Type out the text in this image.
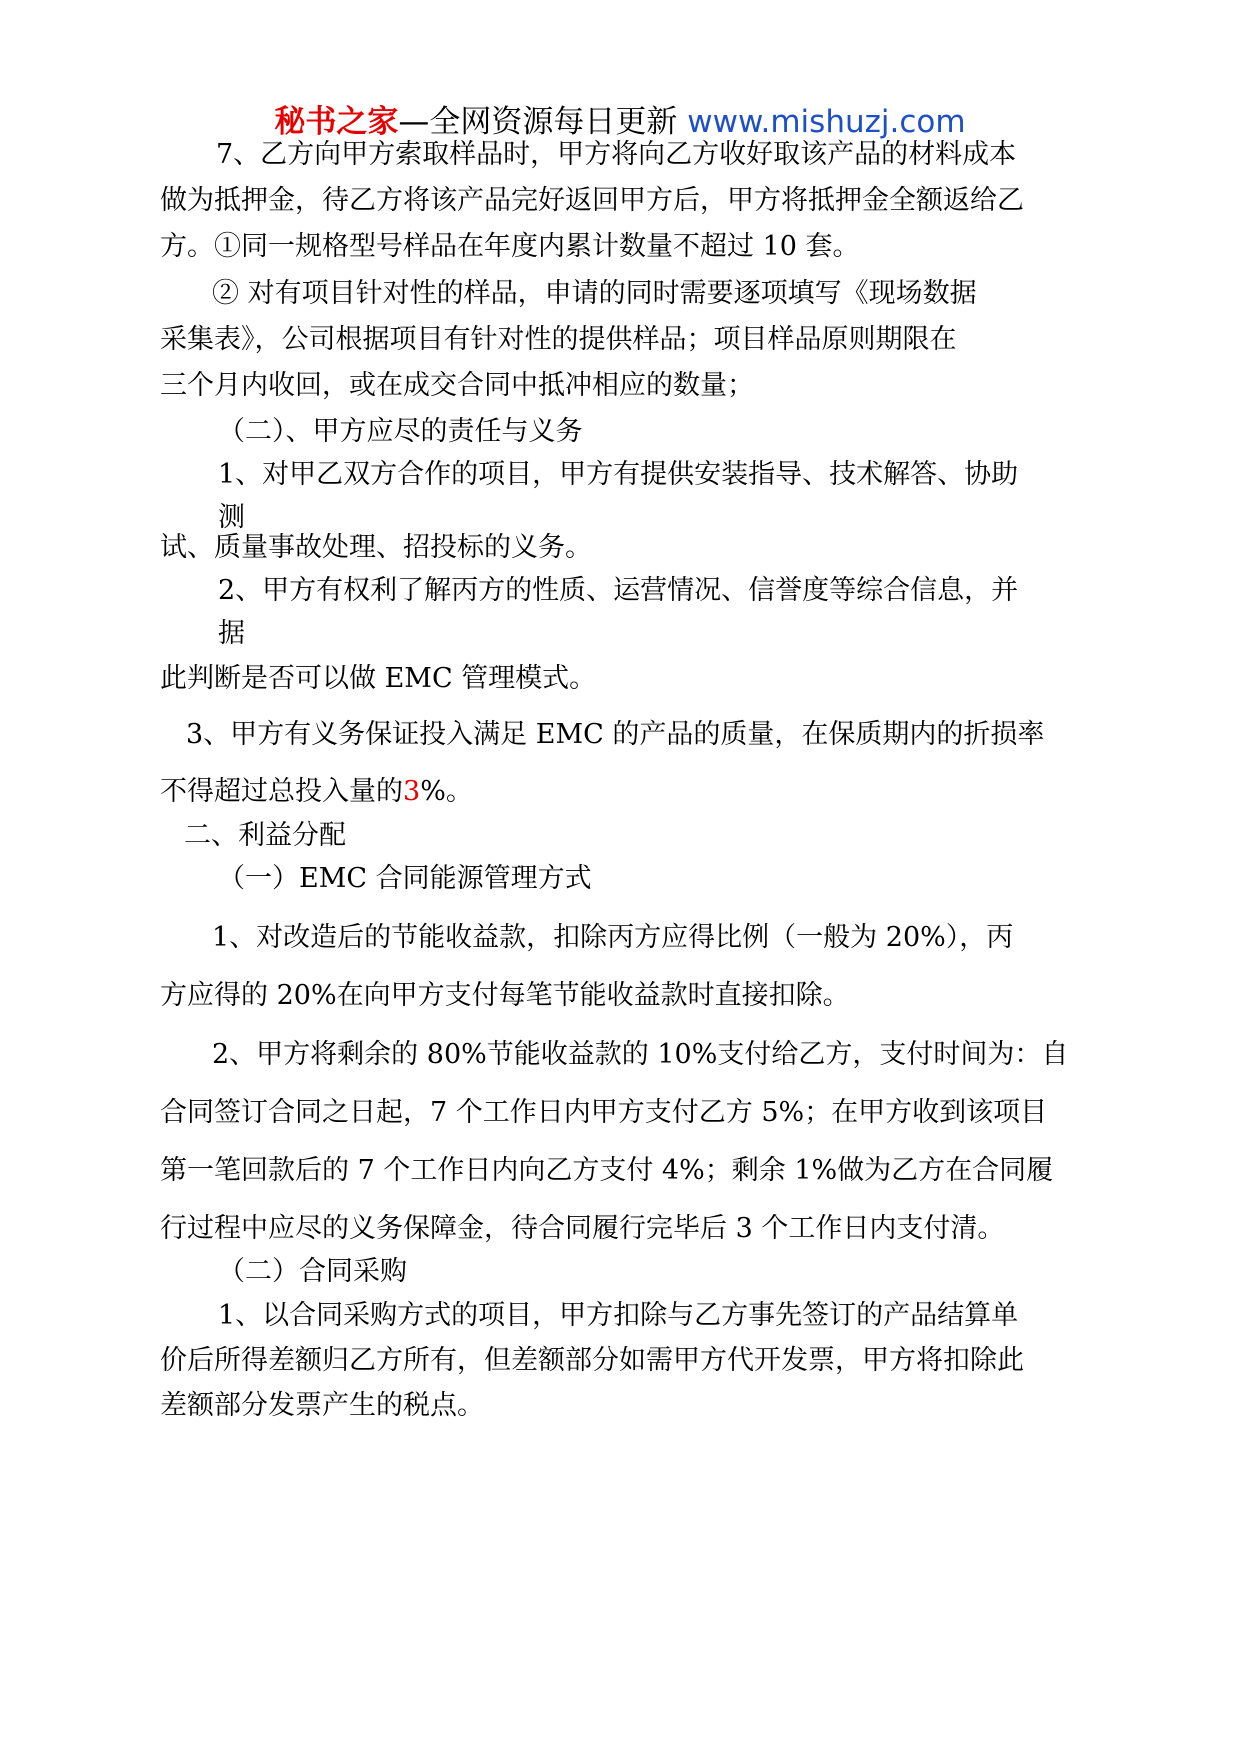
秘书之家—全网资源每日更新 www.mishuzj.com
7、乙方向甲方索取样品时，甲方将向乙方收好取该产品的材料成本
做为抵押金，待乙方将该产品完好返回甲方后，甲方将抵押金全额返给乙
方。①同一规格型号样品在年度内累计数量不超过 10 套。
② 对有项目针对性的样品，申请的同时需要逐项填写《现场数据
采集表》，公司根据项目有针对性的提供样品；项目样品原则期限在
三个月内收回，或在成交合同中抵冲相应的数量；
（二）、甲方应尽的责任与义务
1、对甲乙双方合作的项目，甲方有提供安装指导、技术解答、协助
测
试、质量事故处理、招投标的义务。
2、甲方有权利了解丙方的性质、运营情况、信誉度等综合信息，并
据
此判断是否可以做 EMC 管理模式。
3、甲方有义务保证投入满足 EMC 的产品的质量，在保质期内的折损率
不得超过总投入量的3%。
二、利益分配
（一）EMC 合同能源管理方式
1、对改造后的节能收益款，扣除丙方应得比例（一般为 20%），丙
方应得的 20%在向甲方支付每笔节能收益款时直接扣除。
2、甲方将剩余的 80%节能收益款的 10%支付给乙方，支付时间为：自
合同签订合同之日起，7 个工作日内甲方支付乙方 5%；在甲方收到该项目
第一笔回款后的 7 个工作日内向乙方支付 4%；剩余 1%做为乙方在合同履
行过程中应尽的义务保障金，待合同履行完毕后 3 个工作日内支付清。
（二）合同采购
1、以合同采购方式的项目，甲方扣除与乙方事先签订的产品结算单
价后所得差额归乙方所有，但差额部分如需甲方代开发票，甲方将扣除此
差额部分发票产生的税点。
